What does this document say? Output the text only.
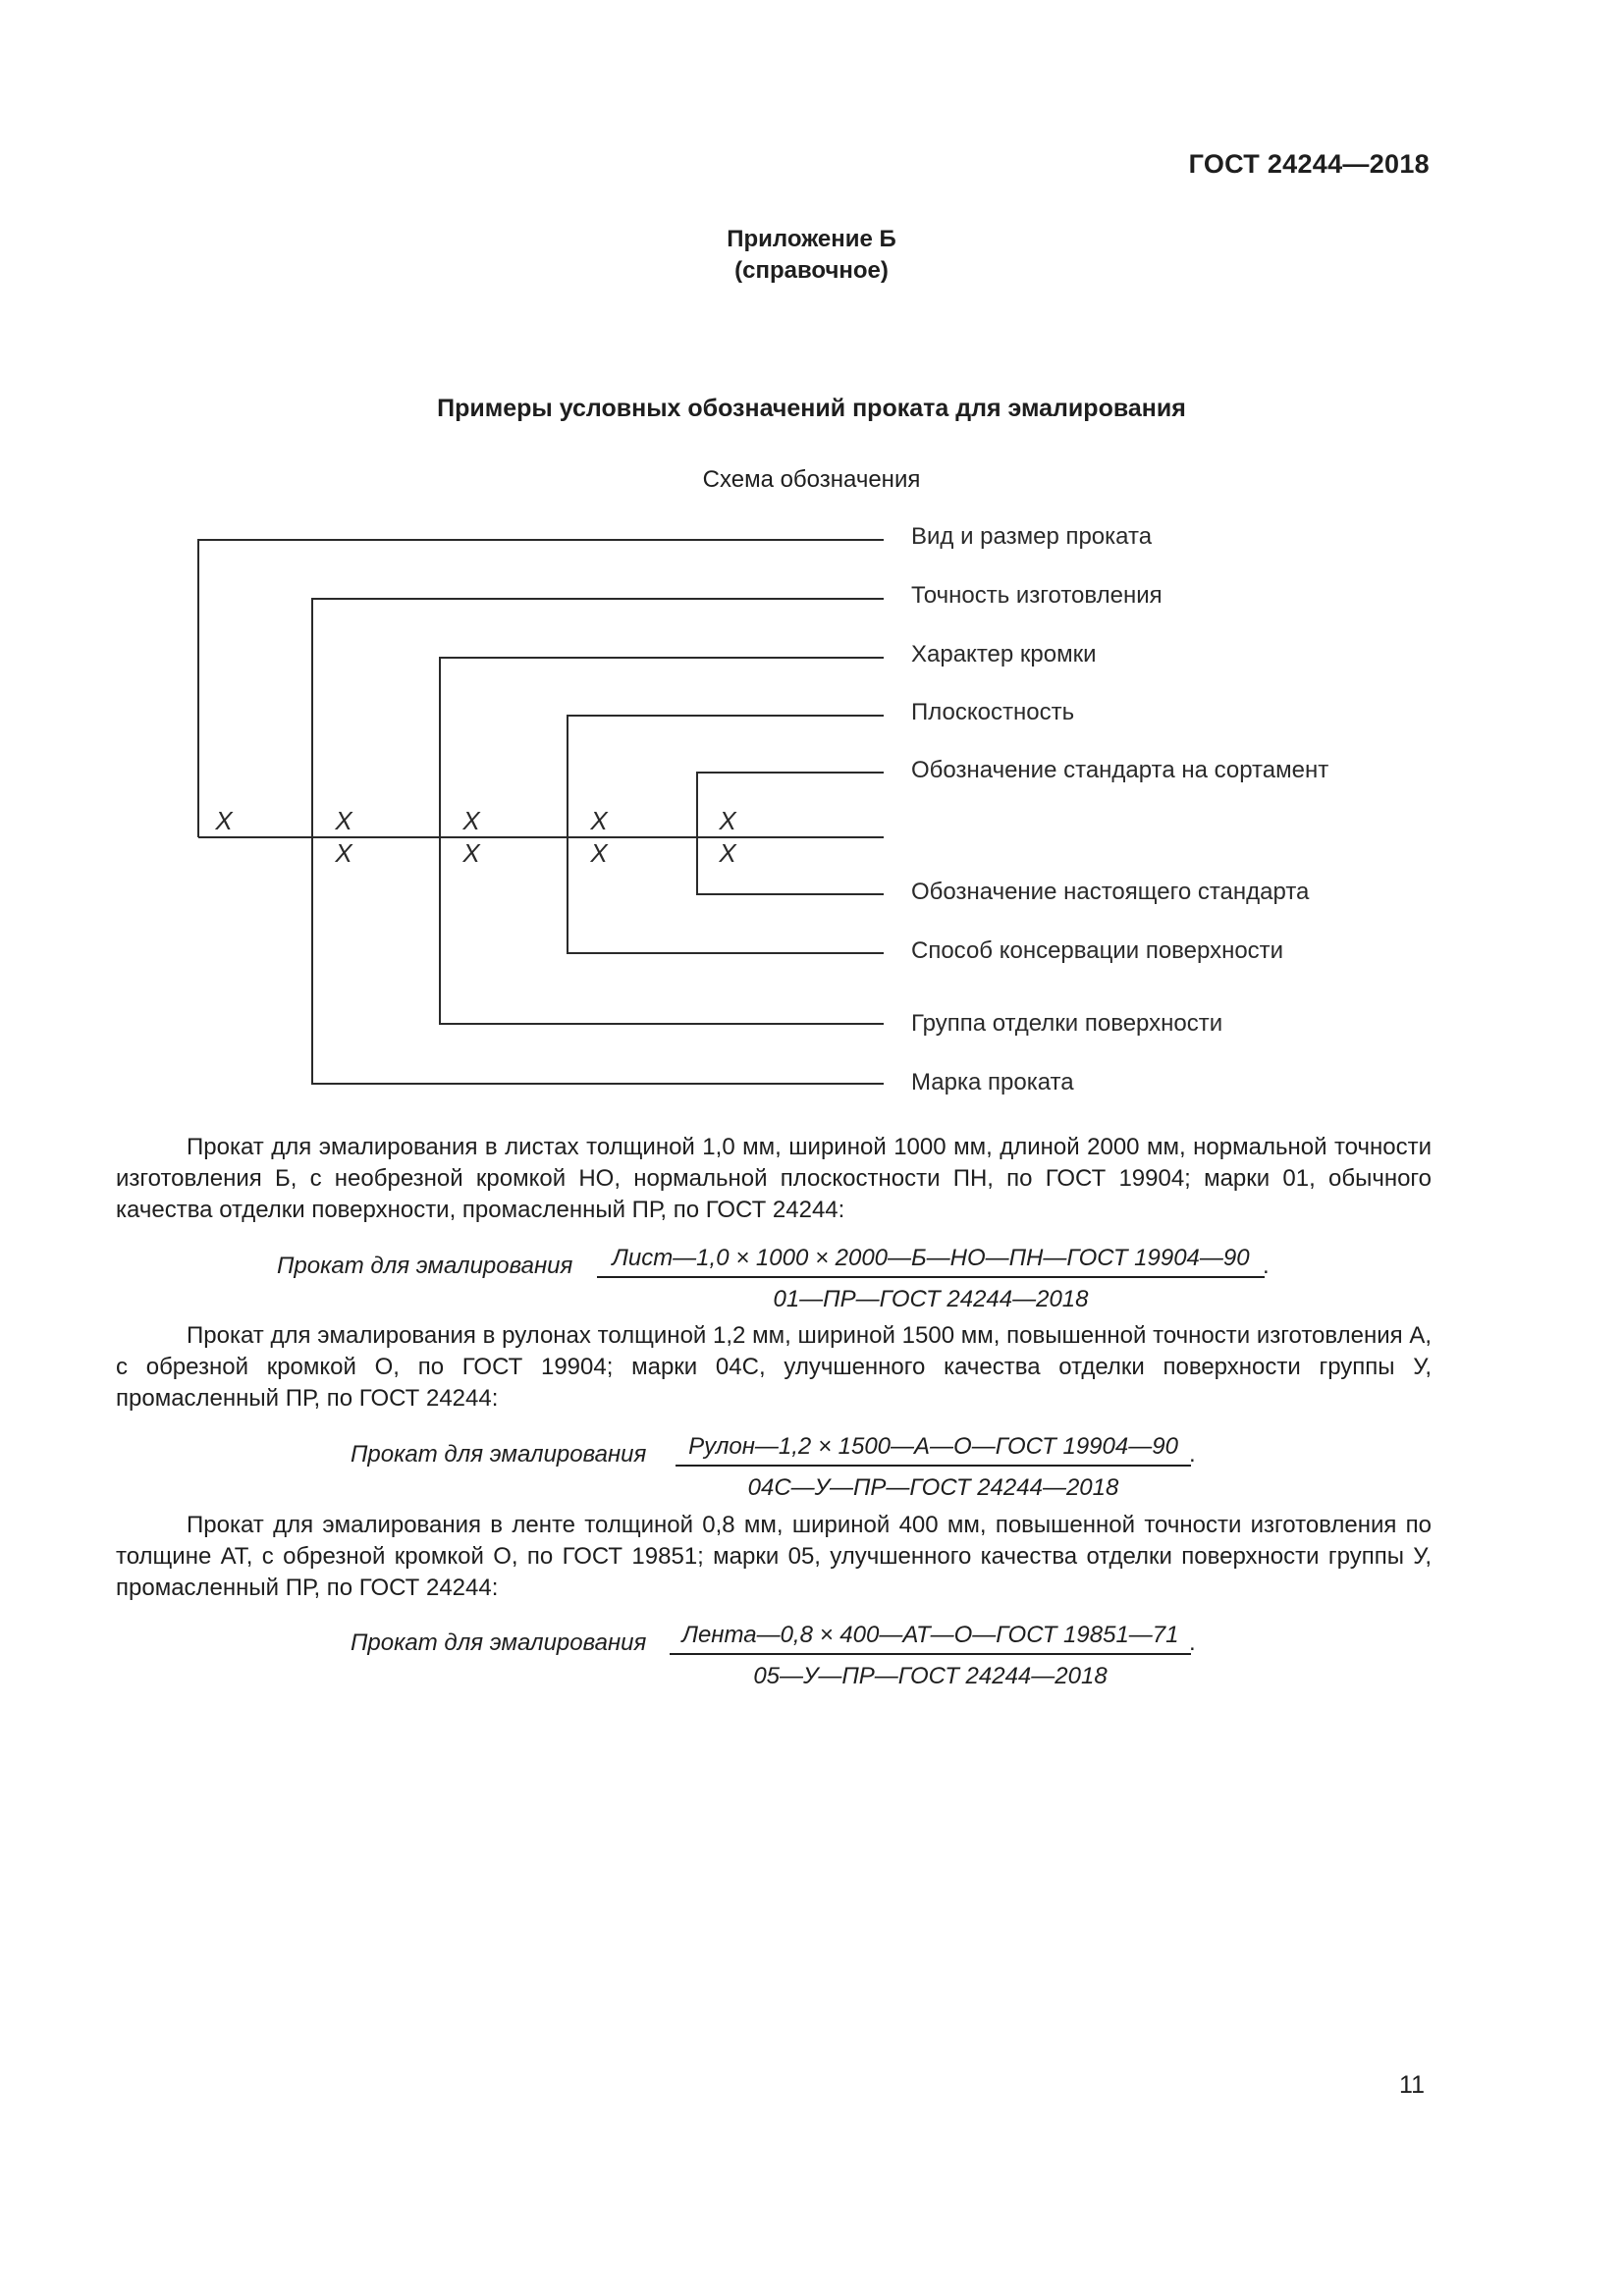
ГОСТ 24244—2018
Приложение Б
(справочное)
Примеры условных обозначений проката для эмалирования
Схема обозначения
X	X	X	X	X
X	X	X	X
Вид и размер проката
Точность изготовления
Характер кромки
Плоскостность
Обозначение стандарта на сортамент
Обозначение настоящего стандарта
Способ консервации поверхности
Группа отделки поверхности
Марка проката

Прокат для эмалирования в листах толщиной 1,0 мм, шириной 1000 мм, длиной 2000 мм, нормальной точности изготовления Б, с необрезной кромкой НО, нормальной плоскостности ПН, по ГОСТ 19904; марки 01, обычного качества отделки поверхности, промасленный ПР, по ГОСТ 24244:

Прокат для эмалирования	Лист—1,0 × 1000 × 2000—Б—НО—ПН—ГОСТ 19904—90
01—ПР—ГОСТ 24244—2018
.

Прокат для эмалирования в рулонах толщиной 1,2 мм, шириной 1500 мм, повышенной точности изготовления А, с обрезной кромкой О, по ГОСТ 19904; марки 04С, улучшенного качества отделки поверхности группы У, промасленный ПР, по ГОСТ 24244:

Прокат для эмалирования	Рулон—1,2 × 1500—А—О—ГОСТ 19904—90
04С—У—ПР—ГОСТ 24244—2018
.

Прокат для эмалирования в ленте толщиной 0,8 мм, шириной 400 мм, повышенной точности изготовления по толщине АТ, с обрезной кромкой О, по ГОСТ 19851; марки 05, улучшенного качества отделки поверхности группы У, промасленный ПР, по ГОСТ 24244:

Прокат для эмалирования	Лента—0,8 × 400—АТ—О—ГОСТ 19851—71
05—У—ПР—ГОСТ 24244—2018
.
11
